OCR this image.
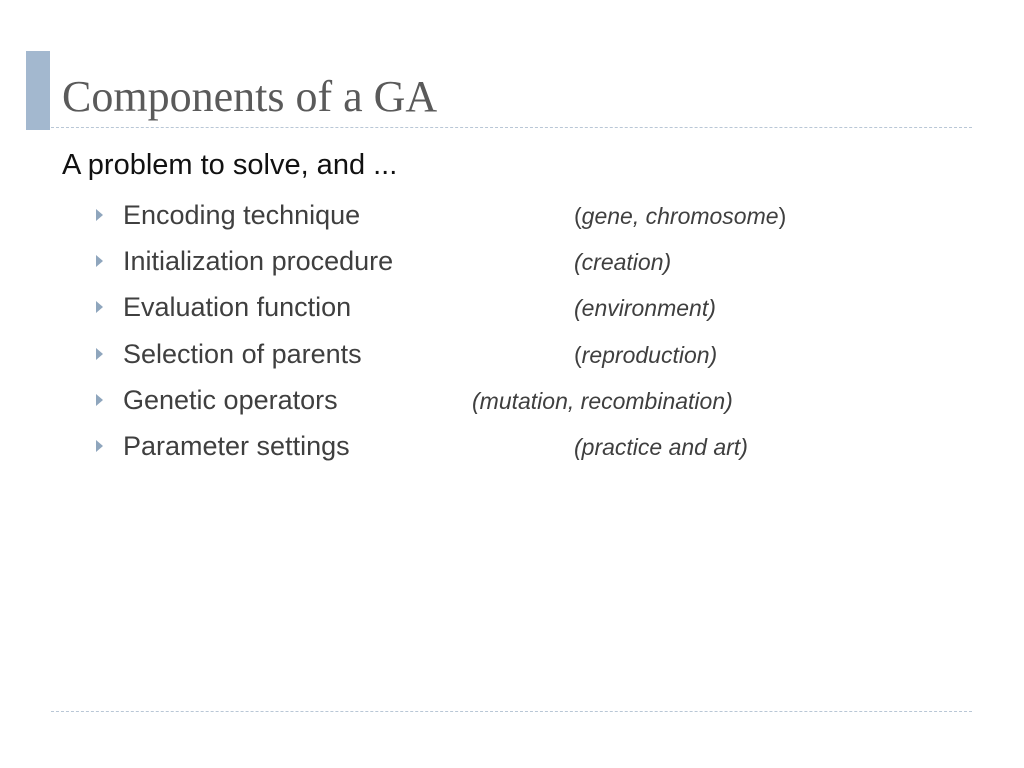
Components of a GA
A problem to solve, and ...
Encoding technique	(gene, chromosome)
Initialization procedure	(creation)
Evaluation function	(environment)
Selection of parents	(reproduction)
Genetic operators	(mutation, recombination)
Parameter settings	(practice and art)
